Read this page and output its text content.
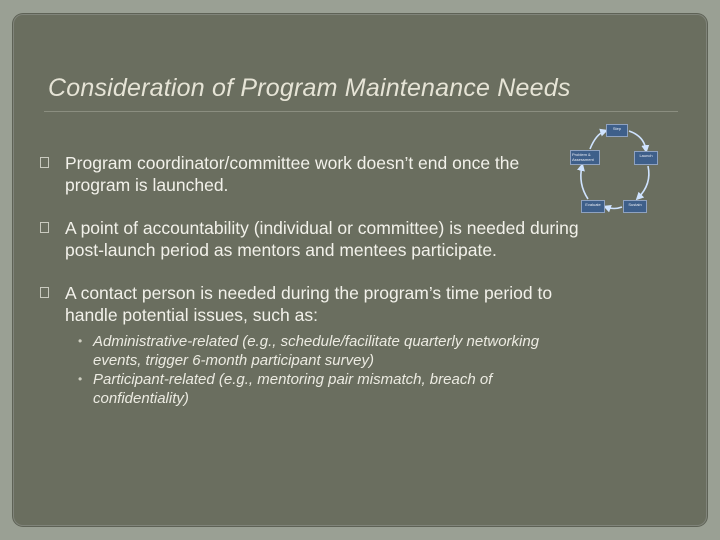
Consideration of Program Maintenance Needs
Program coordinator/committee work doesn’t end once the program is launched.
A point of accountability (individual or committee) is needed during post-launch period as mentors and mentees participate.
A contact person is needed during the program’s time period to handle potential issues, such as:
• Administrative-related (e.g., schedule/facilitate quarterly networking events, trigger 6-month participant survey)
• Participant-related (e.g., mentoring pair mismatch, breach of confidentiality)
Step
Problem & Assessment
Launch
Evaluate	Sustain
